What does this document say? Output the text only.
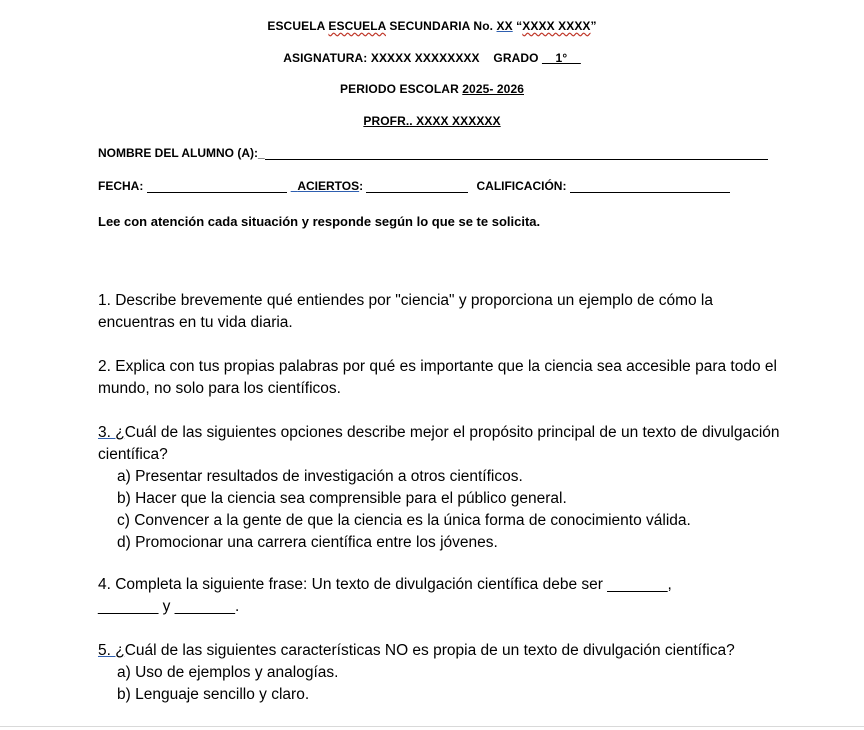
ESCUELA ESCUELA SECUNDARIA No. XX “XXXX XXXX”
ASIGNATURA: XXXXX XXXXXXXX GRADO __1°__
PERIODO ESCOLAR 2025- 2026
PROFR.. XXXX XXXXXX
NOMBRE DEL ALUMNO (A): _
FECHA:
	ACIERTOS :
	CALIFICACIÓN:

Lee con atención cada situación y responde según lo que se te solicita.
1. Describe brevemente qué entiendes por "ciencia" y proporciona un ejemplo de cómo la encuentras en tu vida diaria.
2. Explica con tus propias palabras por qué es importante que la ciencia sea accesible para todo el mundo, no solo para los científicos.
3. ¿Cuál de las siguientes opciones describe mejor el propósito principal de un texto de divulgación científica?
a) Presentar resultados de investigación a otros científicos.
b) Hacer que la ciencia sea comprensible para el público general.
c) Convencer a la gente de que la ciencia es la única forma de conocimiento válida.
d) Promocionar una carrera científica entre los jóvenes.
4. Completa la siguiente frase: Un texto de divulgación científica debe ser _______,
_______ y _______.
5. ¿Cuál de las siguientes características NO es propia de un texto de divulgación científica?
a) Uso de ejemplos y analogías.
b) Lenguaje sencillo y claro.
